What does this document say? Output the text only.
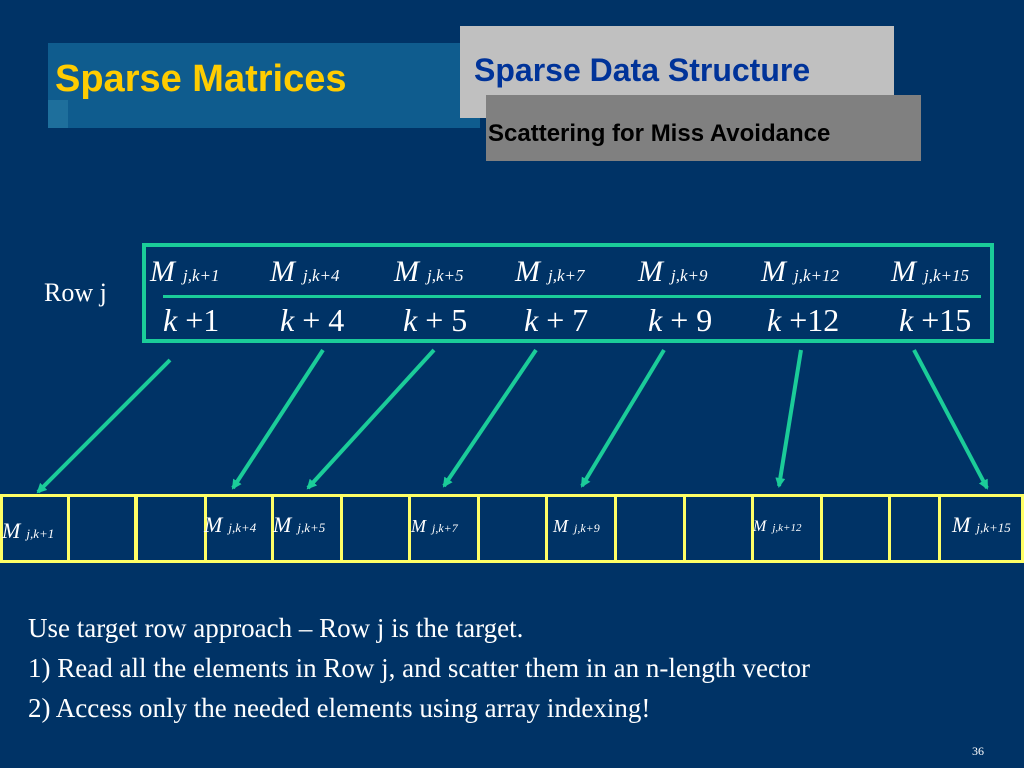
Sparse Matrices	Sparse Data Structure
Scattering for Miss Avoidance
Row j
Mj,k+1 Mj,k+4 Mj,k+5 Mj,k+7 Mj,k+9 Mj,k+12 Mj,k+15
k +1 k + 4 k + 5 k + 7 k + 9 k +12 k +15
Mj,k+1	Mj,k+4 Mj,k+5	Mj,k+7	Mj,k+9	M j,k+12	Mj,k+15
Use target row approach – Row j is the target.
1) Read all the elements in Row j, and scatter them in an n-length vector
2) Access only the needed elements using array indexing!
36
